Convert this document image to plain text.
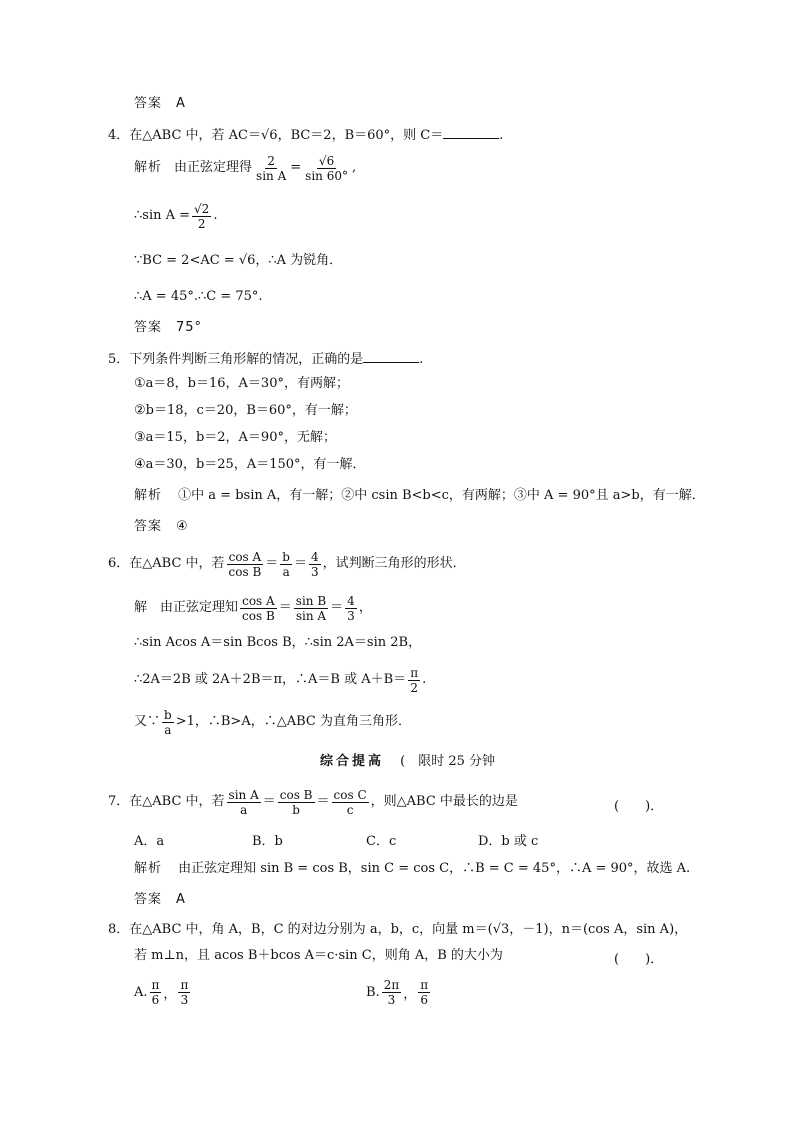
答案　A
4．在△ABC 中，若 AC＝√6，BC＝2，B＝60°，则 C＝	.
解析 由正弦定理得 $\frac{2}{\text{sin A}} = \frac{√6}{\sin 60^\circ}$ ,
∴sin $A = \frac{√2}{2}$ .
∵BC = 2<AC = √6，∴A 为锐角．
∴A = 45°.∴C = 75°.
答案　75°
5．下列条件判断三角形解的情况，正确的是	.
①a＝8，b＝16，A＝30°，有两解；
②b＝18，c＝20，B＝60°，有一解；
③a＝15，b＝2，A＝90°，无解；
④a＝30，b＝25，A＝150°，有一解．
解析 ①中 a = bsin A，有一解；②中 csin B<b<c，有两解；③中 A = 90°且 a>b，有一解．
答案　④
6．在△ABC 中，若 $\frac{\text{cos A}}{\text{cos B}} = \frac{b}{a} = \frac{4}{3}$ ，试判断三角形的形状．
解 由正弦定理知 $\frac{\text{cos A}}{\text{cos B}} = \frac{\text{sin B}}{\text{sin A}} = \frac{4}{3}$ ，
∴sin Acos A＝sin Bcos B，∴sin 2A＝sin 2B，
∴2A＝2B 或 2A＋2B＝π，∴A＝B 或 $A+B= \frac{\pi}{2}$ .
又∵ $\frac{b}{a} >1$，∴B>A，∴△ABC 为直角三角形．
综合提高 (　限时 25 分钟
7．在△ABC 中，若 $\frac{\text{sin A}}{a} = \frac{\text{cos B}}{b} = \frac{\text{cos C}}{c}$ ，则△ABC 中最长的边是	(　　)．
A．a	B．b	C．c	D．b 或 c
解析 由正弦定理知 sin B = cos B，sin C = cos C，∴B = C = 45°，∴A = 90°，故选 A.
答案　A
8．在△ABC 中，角 A，B，C 的对边分别为 a，b，c，向量 m＝(√3，－1)，n＝(cos A，sin A)，
若 m⊥n，且 acos B＋bcos A＝c·sin C，则角 A，B 的大小为	(　　)．
A. $\frac{\pi}{6}$ ， $\frac{\pi}{3}$	B. $\frac{2\pi}{3}$ ， $\frac{\pi}{6}$
